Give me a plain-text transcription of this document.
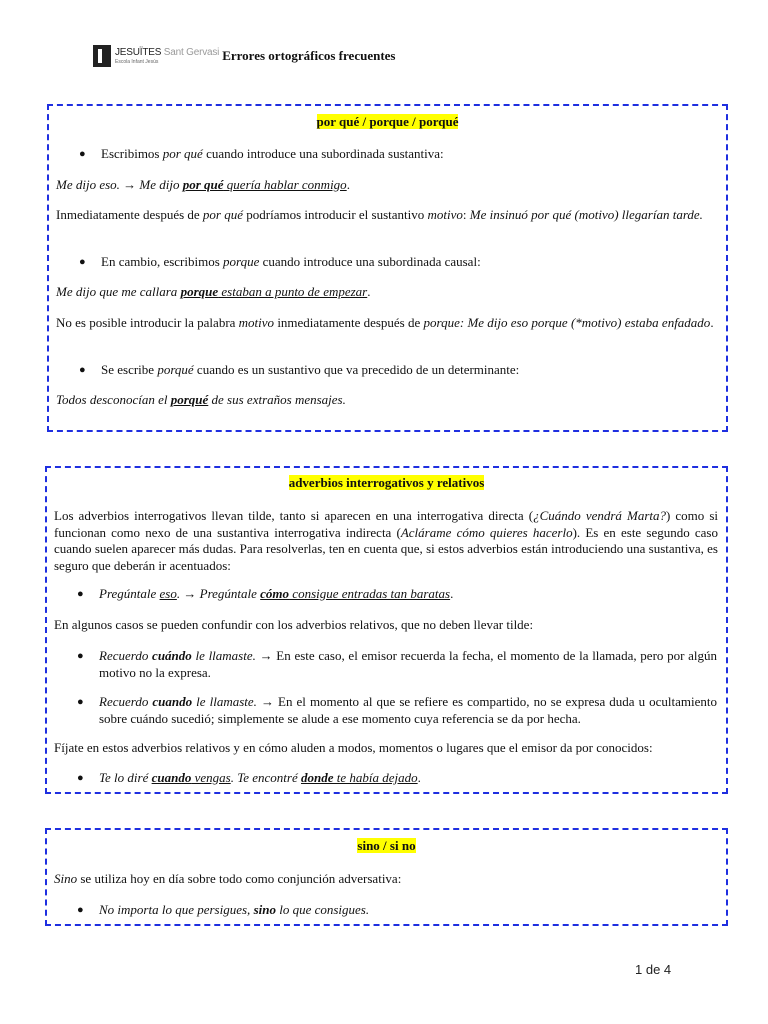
JESUÏTES Sant Gervasi
Escola Infant Jesús	Errores ortográficos frecuentes

por qué / porque / porqué

● Escribimos por qué cuando introduce una subordinada sustantiva:

Me dijo eso. → Me dijo por qué quería hablar conmigo.

Inmediatamente después de por qué podríamos introducir el sustantivo motivo: Me insinuó por qué (motivo) llegarían tarde.

● En cambio, escribimos porque cuando introduce una subordinada causal:

Me dijo que me callara porque estaban a punto de empezar.

No es posible introducir la palabra motivo inmediatamente después de porque: Me dijo eso porque (*motivo) estaba enfadado.

● Se escribe porqué cuando es un sustantivo que va precedido de un determinante:

Todos desconocían el porqué de sus extraños mensajes.

adverbios interrogativos y relativos

Los adverbios interrogativos llevan tilde, tanto si aparecen en una interrogativa directa (¿Cuándo vendrá Marta?) como si funcionan como nexo de una sustantiva interrogativa indirecta (Aclárame cómo quieres hacerlo). Es en este segundo caso cuando suelen aparecer más dudas. Para resolverlas, ten en cuenta que, si estos adverbios están introduciendo una sustantiva, es seguro que deberán ir acentuados:

● Pregúntale eso. → Pregúntale cómo consigue entradas tan baratas.

En algunos casos se pueden confundir con los adverbios relativos, que no deben llevar tilde:

● Recuerdo cuándo le llamaste. → En este caso, el emisor recuerda la fecha, el momento de la llamada, pero por algún motivo no la expresa.

● Recuerdo cuando le llamaste. → En el momento al que se refiere es compartido, no se expresa duda u ocultamiento sobre cuándo sucedió; simplemente se alude a ese momento cuya referencia se da por hecha.

Fíjate en estos adverbios relativos y en cómo aluden a modos, momentos o lugares que el emisor da por conocidos:

● Te lo diré cuando vengas. Te encontré donde te había dejado.

sino / si no

Sino se utiliza hoy en día sobre todo como conjunción adversativa:

● No importa lo que persigues, sino lo que consigues.

1 de 4
